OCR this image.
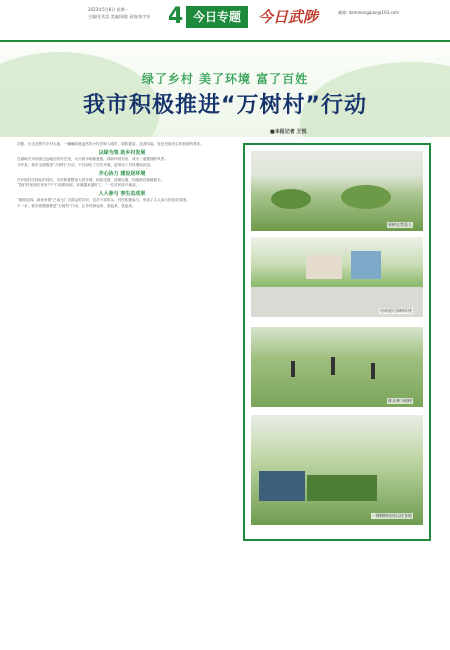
2023年5月8日 星期一
主编/任兆浩 美编/邹晗 责校/朱宇东 4 今日专题	今日武陟	邮箱: dammongqian@163.com
绿了乡村 美了环境 富了百姓
我市积极推进“万树村”行动
■本报记者 王悦

初夏，行走在焦作乡村大地，一幢幢绿意盎然的小村庄映入眼帘，树影婆娑，花香四溢，处处呈现出生机勃勃的景象。

以绿为笔 助乡村发展

在嘉峪关市西部边远地区的村庄里，大片树木郁郁葱葱，绿树环绕村舍，成为一道靓丽的风景。

今年来，我市全面推进“万树村”行动，不仅绿化了村庄环境，更带动了村民增收致富。

齐心协力 建设居环境

在开展村庄绿化的同时，各村积极整治人居环境，拆除违建，清理垃圾，因地制宜栽植树木。

“我们村里现在家家户户门前都有树，环境越来越好了。”一位村民高兴地说。

人人参与 享生态成果

“植树造林，绿化家园”已成为广大群众的共识，党员干部带头，村民积极参与，形成了人人参与的良好氛围。

下一步，我市将继续推进“万树村”行动，让乡村绿起来、美起来、富起来。

果树长势喜人
房前屋后绿树环绕
群众参与植树
一棵棵树苗待运往各地
